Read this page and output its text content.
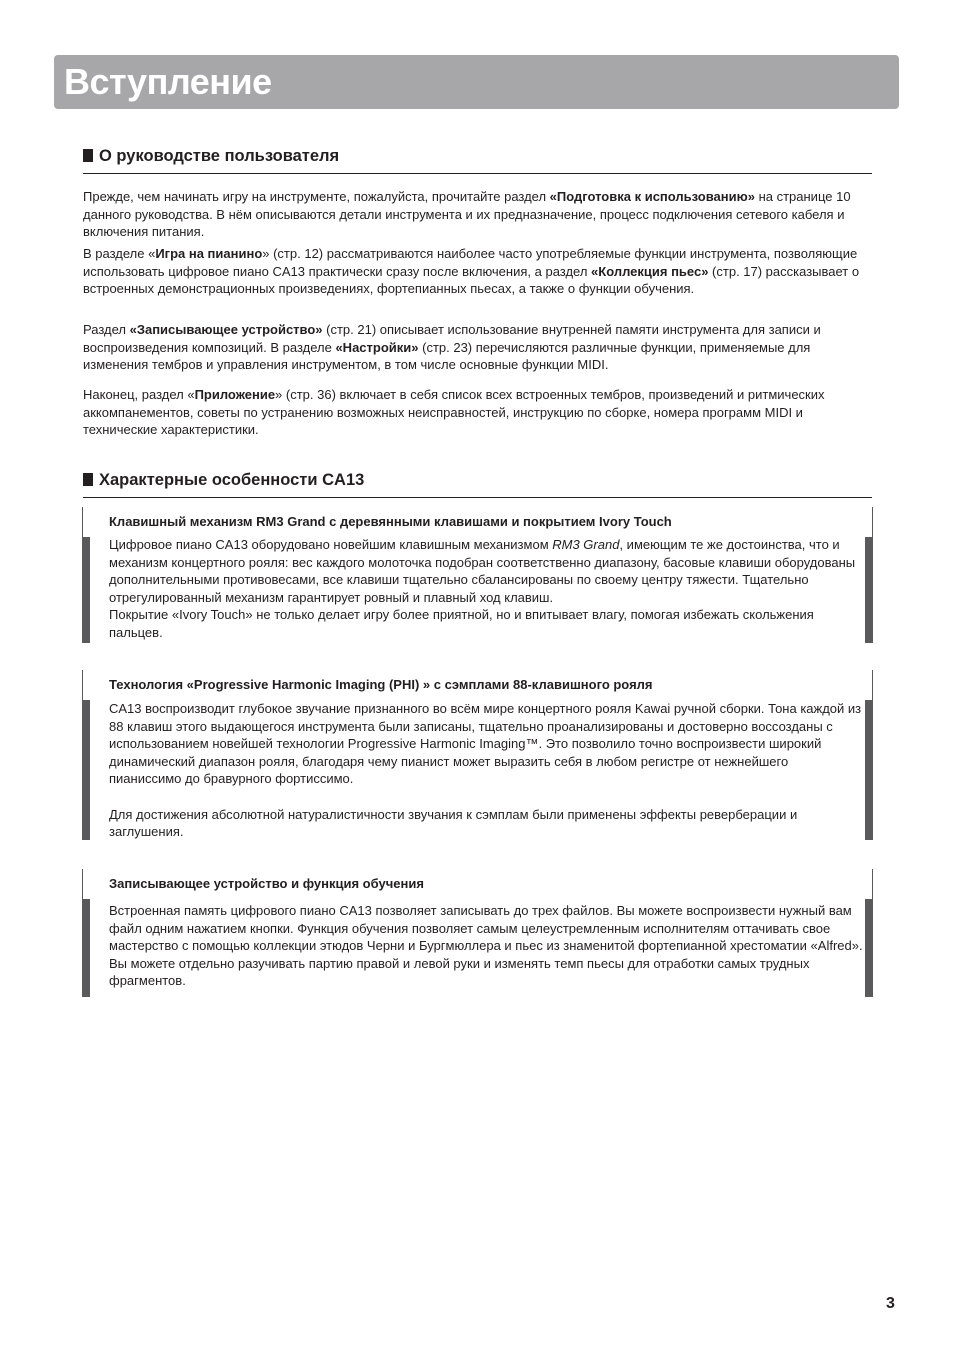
Вступление
О руководстве пользователя

Прежде, чем начинать игру на инструменте, пожалуйста, прочитайте раздел «Подготовка к использованию» на странице 10 данного руководства. В нём описываются детали инструмента и их предназначение, процесс подключения сетевого кабеля и включения питания.

В разделе «Игра на пианино» (стр. 12) рассматриваются наиболее часто употребляемые функции инструмента, позволяющие использовать цифровое пиано CA13 практически сразу после включения, а раздел «Коллекция пьес» (стр. 17) рассказывает о встроенных демонстрационных произведениях, фортепианных пьесах, а также о функции обучения.

Раздел «Записывающее устройство» (стр. 21) описывает использование внутренней памяти инструмента для записи и воспроизведения композиций. В разделе «Настройки» (стр. 23) перечисляются различные функции, применяемые для изменения тембров и управления инструментом, в том числе основные функции MIDI.

Наконец, раздел «Приложение» (стр. 36) включает в себя список всех встроенных тембров, произведений и ритмических аккомпанементов, советы по устранению возможных неисправностей, инструкцию по сборке, номера программ MIDI и технические характеристики.

Характерные особенности CA13
Клавишный механизм RM3 Grand с деревянными клавишами и покрытием Ivory Touch

Цифровое пиано CA13 оборудовано новейшим клавишным механизмом RM3 Grand, имеющим те же достоинства, что и механизм концертного рояля: вес каждого молоточка подобран соответственно диапазону, басовые клавиши оборудованы дополнительными противовесами, все клавиши тщательно сбалансированы по своему центру тяжести. Тщательно отрегулированный механизм гарантирует ровный и плавный ход клавиш.

Покрытие «Ivory Touch» не только делает игру более приятной, но и впитывает влагу, помогая избежать скольжения пальцев.

Технология «Progressive Harmonic Imaging (PHI) » с сэмплами 88-клавишного рояля

CA13 воспроизводит глубокое звучание признанного во всём мире концертного рояля Kawai ручной сборки. Тона каждой из 88 клавиш этого выдающегося инструмента были записаны, тщательно проанализированы и достоверно воссозданы с использованием новейшей технологии Progressive Harmonic Imaging™. Это позволило точно воспроизвести широкий динамический диапазон рояля, благодаря чему пианист может выразить себя в любом регистре от нежнейшего пианиссимо до бравурного фортиссимо.

Для достижения абсолютной натуралистичности звучания к сэмплам были применены эффекты реверберации и заглушения.

Записывающее устройство и функция обучения

Встроенная память цифрового пиано CA13 позволяет записывать до трех файлов. Вы можете воспроизвести нужный вам файл одним нажатием кнопки. Функция обучения позволяет самым целеустремленным исполнителям оттачивать свое мастерство с помощью коллекции этюдов Черни и Бургмюллера и пьес из знаменитой фортепианной хрестоматии «Alfred». Вы можете отдельно разучивать партию правой и левой руки и изменять темп пьесы для отработки самых трудных фрагментов.

3
